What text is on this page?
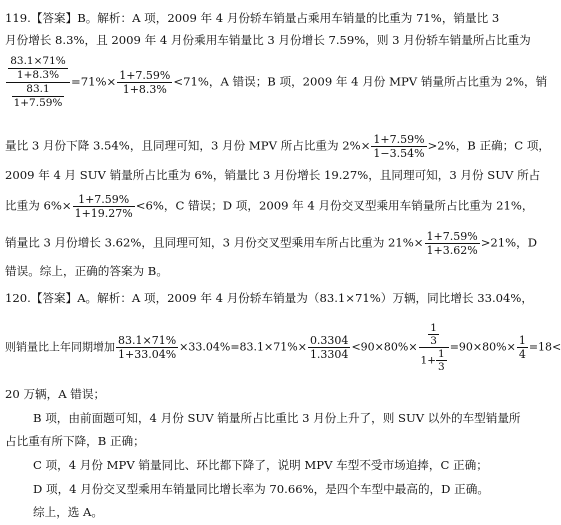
119.【答案】B。解析：A 项，2009 年 4 月份轿车销量占乘用车销量的比重为 71%，销量比 3
月份增长 8.3%，且 2009 年 4 月份乘用车销量比 3 月份增长 7.59%，则 3 月份轿车销量所占比重为
$\frac{\frac{83.1\times 71\%}{1+8.3\%}}{\frac{83.1}{1+7.59\%}} =71\%\times \frac{1+7.59\%}{1+8.3\%} <71\%$，A 错误；B 项，2009 年 4 月份 MPV 销量所占比重为 2%，销
量比 3 月份下降 3.54%，且同理可知，3 月份 MPV 所占比重为 $2\%\times \frac{1+7.59\%}{1-3.54\%} >2\%$，B 正确；C 项，
2009 年 4 月 SUV 销量所占比重为 6%，销量比 3 月份增长 19.27%，且同理可知，3 月份 SUV 所占
比重为 $6\%\times \frac{1+7.59\%}{1+19.27\%} <6\%$，C 错误；D 项，2009 年 4 月份交叉型乘用车销量所占比重为 21%，
销量比 3 月份增长 3.62%，且同理可知，3 月份交叉型乘用车所占比重为 $21\%\times \frac{1+7.59\%}{1+3.62\%} >21\%$，D
错误。综上，正确的答案为 B。
120.【答案】A。解析：A 项，2009 年 4 月份轿车销量为（83.1×71%）万辆，同比增长 33.04%，
则销量比上年同期增加 $\frac{83.1\times 71\%}{1+33.04\%} \times 33.04\%=83.1\times 71\%\times \frac{0.3304}{1.3304} <90\times 80\%\times \frac{\frac{1}{3}}{1+ \frac{1}{3}} =90\times 80\%\times \frac{1}{4} =18<$
20 万辆，A 错误；
B 项，由前面题可知，4 月份 SUV 销量所占比重比 3 月份上升了，则 SUV 以外的车型销量所
占比重有所下降，B 正确；
C 项，4 月份 MPV 销量同比、环比都下降了，说明 MPV 车型不受市场追捧，C 正确；
D 项，4 月份交叉型乘用车销量同比增长率为 70.66%，是四个车型中最高的，D 正确。
综上，选 A。
